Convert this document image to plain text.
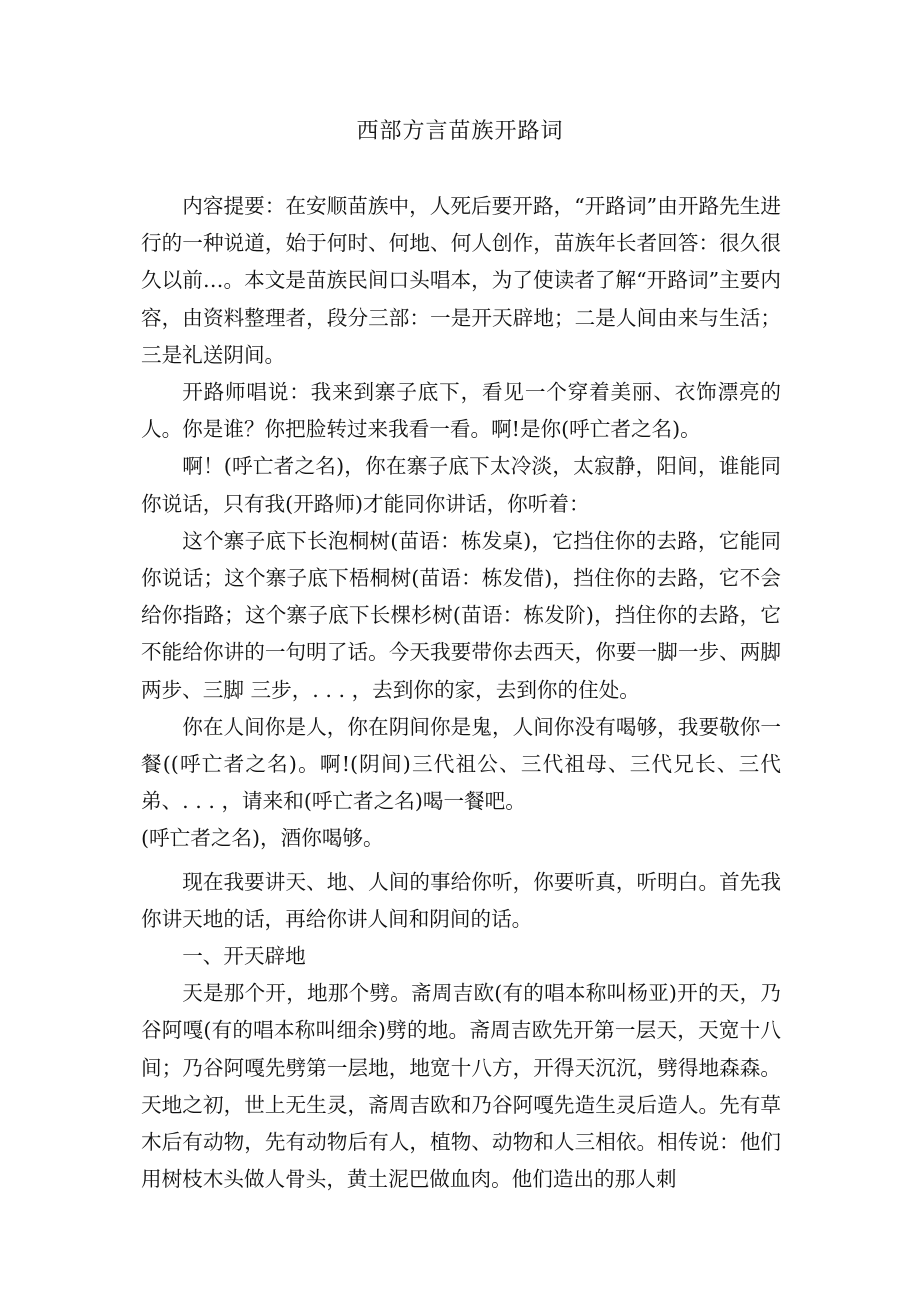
西部方言苗族开路词

内容提要：在安顺苗族中，人死后要开路，“开路词”由开路先生进行的一种说道，始于何时、何地、何人创作，苗族年长者回答：很久很久以前…。本文是苗族民间口头唱本，为了使读者了解“开路词”主要内容，由资料整理者，段分三部：一是开天辟地；二是人间由来与生活；三是礼送阴间。

开路师唱说：我来到寨子底下，看见一个穿着美丽、衣饰漂亮的人。你是谁？你把脸转过来我看一看。啊!是你(呼亡者之名)。

啊！(呼亡者之名)，你在寨子底下太冷淡，太寂静，阳间，谁能同你说话，只有我(开路师)才能同你讲话，你听着：

这个寨子底下长泡桐树(苗语：栋发桌)，它挡住你的去路，它能同你说话；这个寨子底下梧桐树(苗语：栋发借)，挡住你的去路，它不会给你指路；这个寨子底下长棵杉树(苗语：栋发阶)，挡住你的去路，它不能给你讲的一句明了话。今天我要带你去西天，你要一脚一步、两脚两步、三脚 三步，. . . ，去到你的家，去到你的住处。

你在人间你是人，你在阴间你是鬼，人间你没有喝够，我要敬你一餐((呼亡者之名)。啊!(阴间)三代祖公、三代祖母、三代兄长、三代弟、. . . ，请来和(呼亡者之名)喝一餐吧。

(呼亡者之名)，酒你喝够。

现在我要讲天、地、人间的事给你听，你要听真，听明白。首先我你讲天地的话，再给你讲人间和阴间的话。

一、开天辟地

天是那个开，地那个劈。斋周吉欧(有的唱本称叫杨亚)开的天，乃谷阿嘎(有的唱本称叫细余)劈的地。斋周吉欧先开第一层天，天宽十八间；乃谷阿嘎先劈第一层地，地宽十八方，开得天沉沉，劈得地森森。天地之初，世上无生灵，斋周吉欧和乃谷阿嘎先造生灵后造人。先有草木后有动物，先有动物后有人，植物、动物和人三相依。相传说：他们用树枝木头做人骨头，黄土泥巴做血肉。他们造出的那人刺
